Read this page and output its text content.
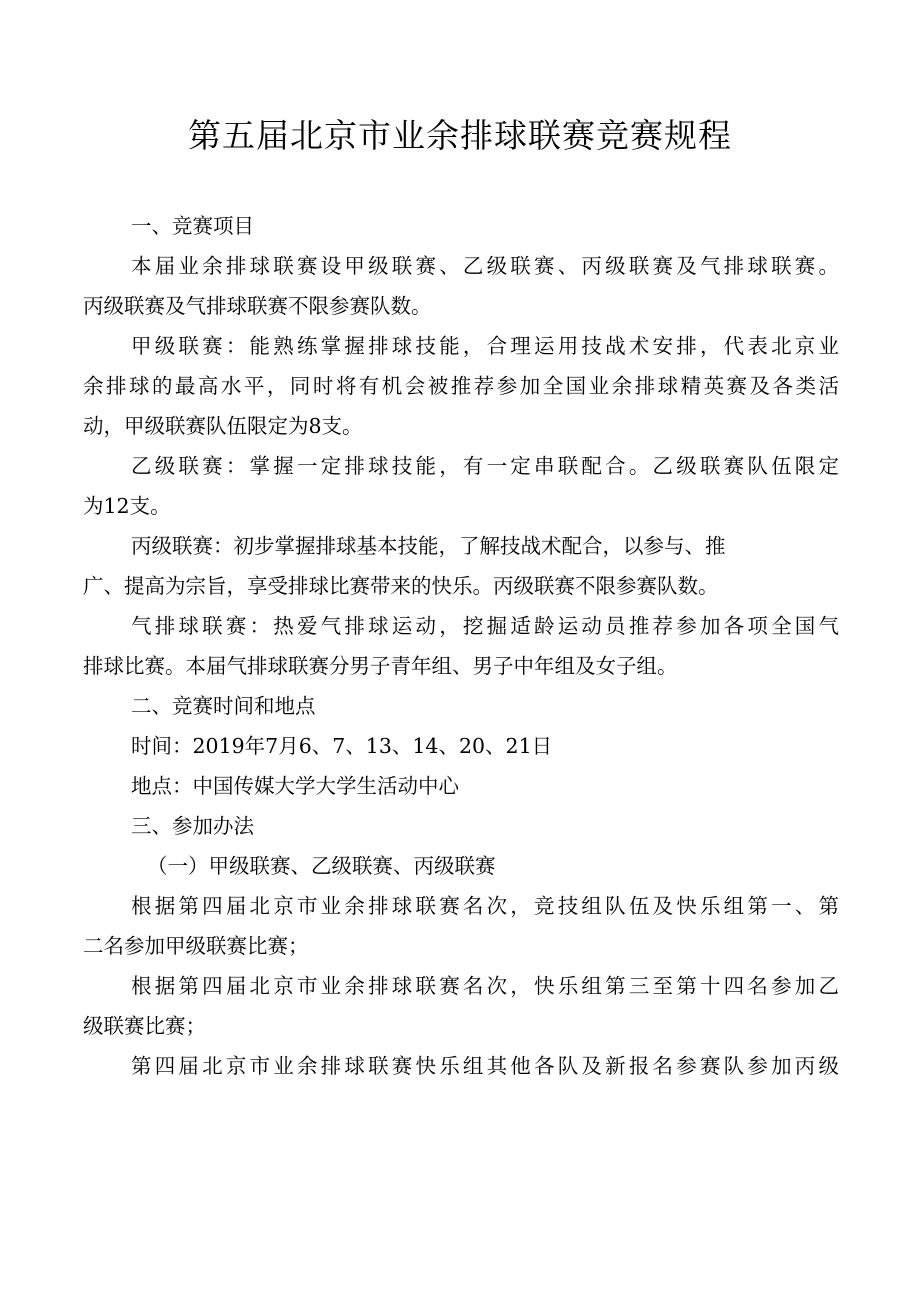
第五届北京市业余排球联赛竞赛规程

一、竞赛项目

本届业余排球联赛设甲级联赛、乙级联赛、丙级联赛及气排球联赛。

丙级联赛及气排球联赛不限参赛队数。

甲级联赛：能熟练掌握排球技能，合理运用技战术安排，代表北京业

余排球的最高水平，同时将有机会被推荐参加全国业余排球精英赛及各类活

动，甲级联赛队伍限定为8支。

乙级联赛：掌握一定排球技能，有一定串联配合。乙级联赛队伍限定

为12支。

丙级联赛：初步掌握排球基本技能，了解技战术配合，以参与、推

广、提高为宗旨，享受排球比赛带来的快乐。丙级联赛不限参赛队数。

气排球联赛：热爱气排球运动，挖掘适龄运动员推荐参加各项全国气

排球比赛。本届气排球联赛分男子青年组、男子中年组及女子组。

二、竞赛时间和地点

时间：2019年7月6、7、13、14、20、21日

地点：中国传媒大学大学生活动中心

三、参加办法

（一）甲级联赛、乙级联赛、丙级联赛

根据第四届北京市业余排球联赛名次，竞技组队伍及快乐组第一、第

二名参加甲级联赛比赛；

根据第四届北京市业余排球联赛名次，快乐组第三至第十四名参加乙

级联赛比赛；

第四届北京市业余排球联赛快乐组其他各队及新报名参赛队参加丙级
